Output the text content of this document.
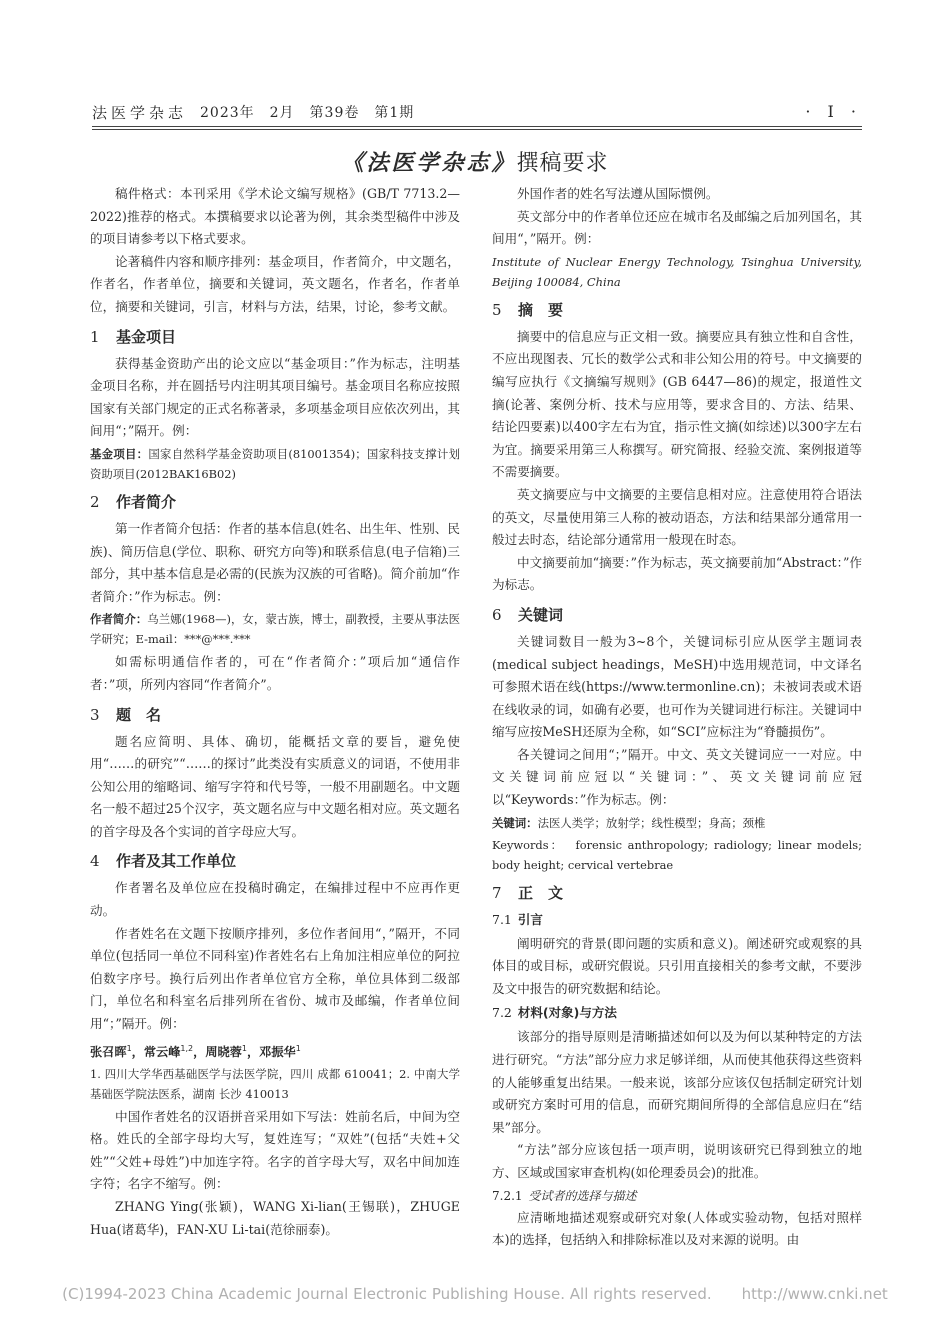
法医学杂志 2023年　2月　第39卷　第1期	· I ·
《法医学杂志》撰稿要求

稿件格式：本刊采用《学术论文编写规格》(GB/T 7713.2—2022)推荐的格式。本撰稿要求以论著为例，其余类型稿件中涉及的项目请参考以下格式要求。

论著稿件内容和顺序排列：基金项目，作者简介，中文题名，作者名，作者单位，摘要和关键词，英文题名，作者名，作者单位，摘要和关键词，引言，材料与方法，结果，讨论，参考文献。

1 基金项目

获得基金资助产出的论文应以“基金项目：”作为标志，注明基金项目名称，并在圆括号内注明其项目编号。基金项目名称应按照国家有关部门规定的正式名称著录，多项基金项目应依次列出，其间用“；”隔开。例：

基金项目：国家自然科学基金资助项目(81001354)；国家科技支撑计划资助项目(2012BAK16B02)
2 作者简介

第一作者简介包括：作者的基本信息(姓名、出生年、性别、民族)、简历信息(学位、职称、研究方向等)和联系信息(电子信箱)三部分，其中基本信息是必需的(民族为汉族的可省略)。简介前加“作者简介：”作为标志。例：

作者简介：乌兰娜(1968—)，女，蒙古族，博士，副教授，主要从事法医学研究；E-mail：***@***.***

如需标明通信作者的，可在“作者简介：”项后加“通信作者：”项，所列内容同“作者简介”。

3 题　名

题名应简明、具体、确切，能概括文章的要旨，避免使用“……的研究”“……的探讨”此类没有实质意义的词语，不使用非公知公用的缩略词、缩写字符和代号等，一般不用副题名。中文题名一般不超过25个汉字，英文题名应与中文题名相对应。英文题名的首字母及各个实词的首字母应大写。

4 作者及其工作单位

作者署名及单位应在投稿时确定，在编排过程中不应再作更动。

作者姓名在文题下按顺序排列，多位作者间用“，”隔开，不同单位(包括同一单位不同科室)作者姓名右上角加注相应单位的阿拉伯数字序号。换行后列出作者单位官方全称，单位具体到二级部门，单位名和科室名后排列所在省份、城市及邮编，作者单位间用“；”隔开。例：

张召晖$^1$，常云峰$^{1,2}$，周晓蓉$^1$，邓振华$^1$
1. 四川大学华西基础医学与法医学院，四川 成都 610041；2. 中南大学基础医学院法医系，湖南 长沙 410013

中国作者姓名的汉语拼音采用如下写法：姓前名后，中间为空格。姓氏的全部字母均大写，复姓连写；“双姓”(包括“夫姓+父姓”“父姓+母姓”)中加连字符。名字的首字母大写，双名中间加连字符；名字不缩写。例：

ZHANG Ying(张颖)，WANG Xi-lian(王锡联)，ZHUGE Hua(诸葛华)，FAN-XU Li-tai(范徐丽泰)。

外国作者的姓名写法遵从国际惯例。

英文部分中的作者单位还应在城市名及邮编之后加列国名，其间用“，”隔开。例：

Institute of Nuclear Energy Technology, Tsinghua University, Beijing 100084, China
5 摘　要

摘要中的信息应与正文相一致。摘要应具有独立性和自含性，不应出现图表、冗长的数学公式和非公知公用的符号。中文摘要的编写应执行《文摘编写规则》(GB 6447—86)的规定，报道性文摘(论著、案例分析、技术与应用等，要求含目的、方法、结果、结论四要素)以400字左右为宜，指示性文摘(如综述)以300字左右为宜。摘要采用第三人称撰写。研究简报、经验交流、案例报道等不需要摘要。

英文摘要应与中文摘要的主要信息相对应。注意使用符合语法的英文，尽量使用第三人称的被动语态，方法和结果部分通常用一般过去时态，结论部分通常用一般现在时态。

中文摘要前加“摘要：”作为标志，英文摘要前加“Abstract：”作为标志。

6 关键词

关键词数目一般为3~8个，关键词标引应从医学主题词表(medical subject headings，MeSH)中选用规范词，中文译名可参照术语在线(https://www.termonline.cn)；未被词表或术语在线收录的词，如确有必要，也可作为关键词进行标注。关键词中缩写应按MeSH还原为全称，如“SCI”应标注为“脊髓损伤”。

各关键词之间用“；”隔开。中文、英文关键词应一一对应。中文关键词前应冠以“关键词：”、英文关键词前应冠以“Keywords：”作为标志。例：

关键词：法医人类学；放射学；线性模型；身高；颈椎
Keywords： forensic anthropology; radiology; linear models; body height; cervical vertebrae
7 正　文
7.1 引言

阐明研究的背景(即问题的实质和意义)。阐述研究或观察的具体目的或目标，或研究假说。只引用直接相关的参考文献，不要涉及文中报告的研究数据和结论。

7.2 材料(对象)与方法

该部分的指导原则是清晰描述如何以及为何以某种特定的方法进行研究。“方法”部分应力求足够详细，从而使其他获得这些资料的人能够重复出结果。一般来说，该部分应该仅包括制定研究计划或研究方案时可用的信息，而研究期间所得的全部信息应归在“结果”部分。

“方法”部分应该包括一项声明，说明该研究已得到独立的地方、区域或国家审查机构(如伦理委员会)的批准。

7.2.1 受试者的选择与描述

应清晰地描述观察或研究对象(人体或实验动物，包括对照样本)的选择，包括纳入和排除标准以及对来源的说明。由

(C)1994-2023 China Academic Journal Electronic Publishing House. All rights reserved.　　http://www.cnki.net
